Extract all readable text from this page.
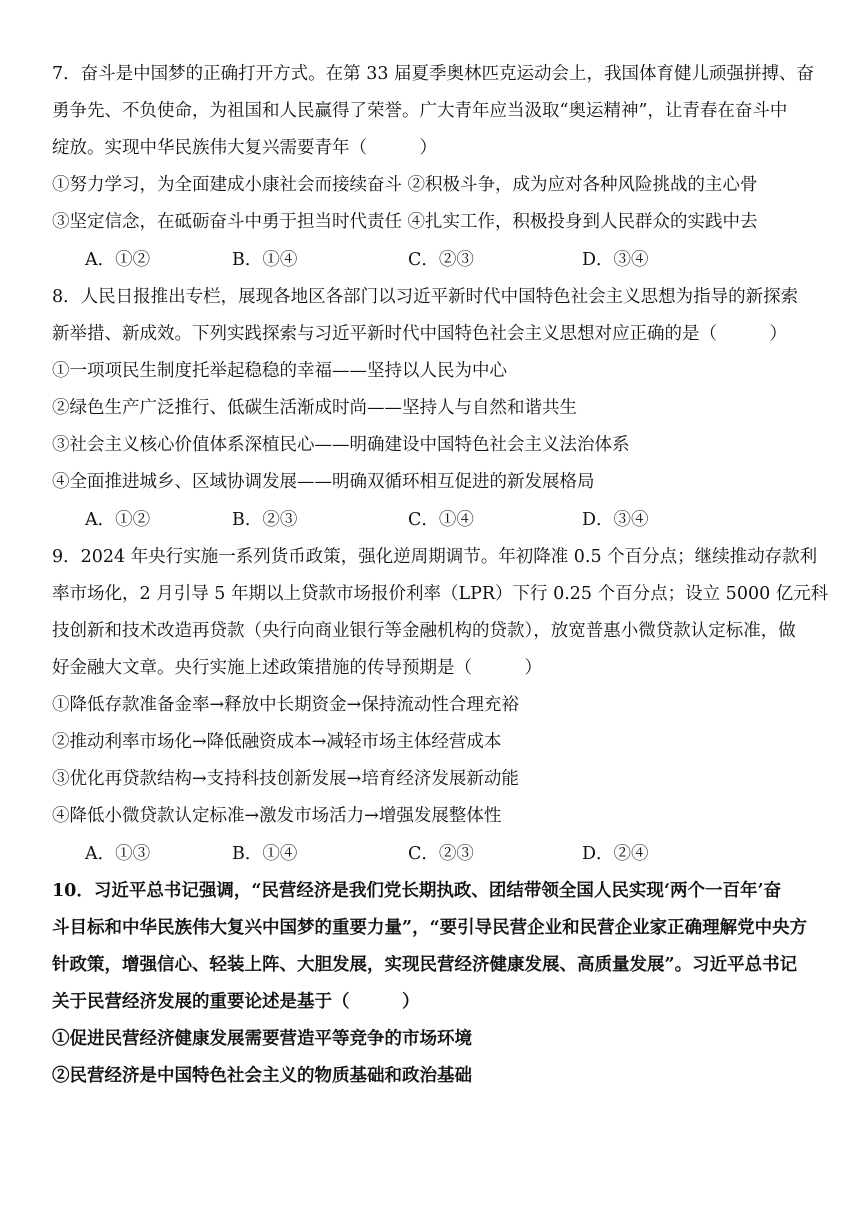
7．奋斗是中国梦的正确打开方式。在第 33 届夏季奥林匹克运动会上，我国体育健儿顽强拼搏、奋
勇争先、不负使命，为祖国和人民赢得了荣誉。广大青年应当汲取“奥运精神”，让青春在奋斗中
绽放。实现中华民族伟大复兴需要青年（　　　）
①努力学习，为全面建成小康社会而接续奋斗 ②积极斗争，成为应对各种风险挑战的主心骨
③坚定信念，在砥砺奋斗中勇于担当时代责任 ④扎实工作，积极投身到人民群众的实践中去
A．①②	B．①④	C．②③	D．③④
8．人民日报推出专栏，展现各地区各部门以习近平新时代中国特色社会主义思想为指导的新探索
新举措、新成效。下列实践探索与习近平新时代中国特色社会主义思想对应正确的是（　　　）
①一项项民生制度托举起稳稳的幸福——坚持以人民为中心
②绿色生产广泛推行、低碳生活渐成时尚——坚持人与自然和谐共生
③社会主义核心价值体系深植民心——明确建设中国特色社会主义法治体系
④全面推进城乡、区域协调发展——明确双循环相互促进的新发展格局
A．①②	B．②③	C．①④	D．③④
9．2024 年央行实施一系列货币政策，强化逆周期调节。年初降准 0.5 个百分点；继续推动存款利
率市场化，2 月引导 5 年期以上贷款市场报价利率（LPR）下行 0.25 个百分点；设立 5000 亿元科
技创新和技术改造再贷款（央行向商业银行等金融机构的贷款），放宽普惠小微贷款认定标准，做
好金融大文章。央行实施上述政策措施的传导预期是（　　　）
①降低存款准备金率→释放中长期资金→保持流动性合理充裕
②推动利率市场化→降低融资成本→减轻市场主体经营成本
③优化再贷款结构→支持科技创新发展→培育经济发展新动能
④降低小微贷款认定标准→激发市场活力→增强发展整体性
A．①③	B．①④	C．②③	D．②④
10．习近平总书记强调，“民营经济是我们党长期执政、团结带领全国人民实现‘两个一百年’奋
斗目标和中华民族伟大复兴中国梦的重要力量”，“要引导民营企业和民营企业家正确理解党中央方
针政策，增强信心、轻装上阵、大胆发展，实现民营经济健康发展、高质量发展”。习近平总书记
关于民营经济发展的重要论述是基于（　　　）
①促进民营经济健康发展需要营造平等竞争的市场环境
②民营经济是中国特色社会主义的物质基础和政治基础
